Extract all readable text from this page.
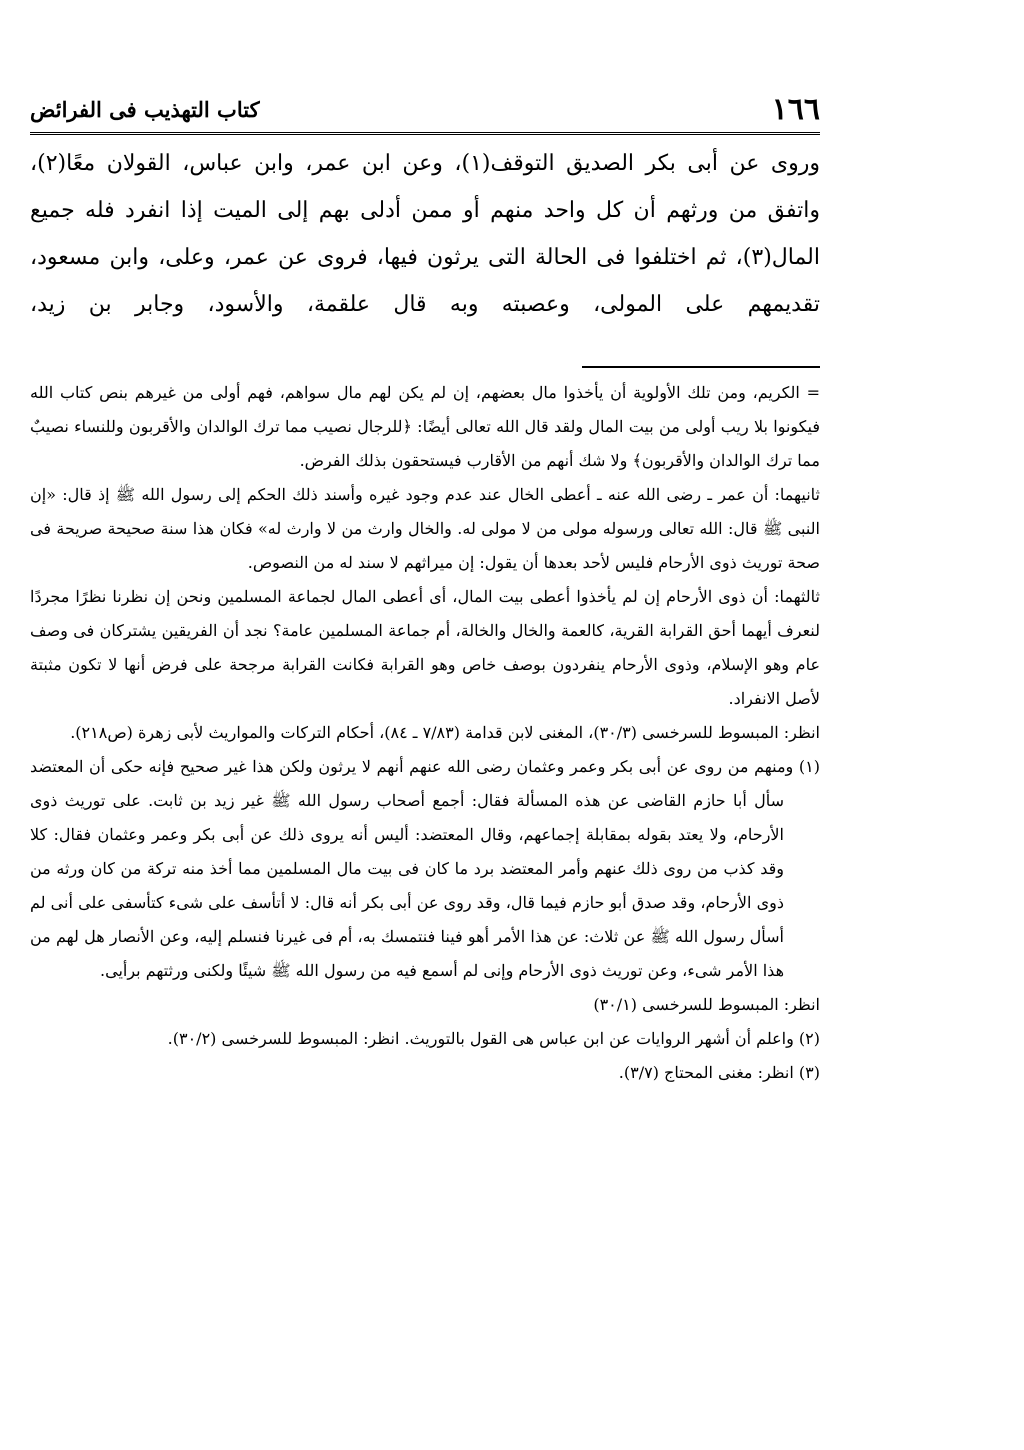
١٦٦
كتاب التهذيب فى الفرائض

وروى عن أبى بكر الصديق التوقف(١)، وعن ابن عمر، وابن عباس، القولان معًا(٢)، واتفق من ورثهم أن كل واحد منهم أو ممن أدلى بهم إلى الميت إذا انفرد فله جميع المال(٣)، ثم اختلفوا فى الحالة التى يرثون فيها، فروى عن عمر، وعلى، وابن مسعود، تقديمهم على المولى، وعصبته وبه قال علقمة، والأسود، وجابر بن زيد،

= الكريم، ومن تلك الأولوية أن يأخذوا مال بعضهم، إن لم يكن لهم مال سواهم، فهم أولى من غيرهم بنص كتاب الله فيكونوا بلا ريب أولى من بيت المال ولقد قال الله تعالى أيضًا: ﴿للرجال نصيب مما ترك الوالدان والأقربون وللنساء نصيبٌ مما ترك الوالدان والأقربون﴾ ولا شك أنهم من الأقارب فيستحقون بذلك الفرض.

ثانيهما: أن عمر ـ رضى الله عنه ـ أعطى الخال عند عدم وجود غيره وأسند ذلك الحكم إلى رسول الله ﷺ إذ قال: «إن النبى ﷺ قال: الله تعالى ورسوله مولى من لا مولى له. والخال وارث من لا وارث له» فكان هذا سنة صحيحة صريحة فى صحة توريث ذوى الأرحام فليس لأحد بعدها أن يقول: إن ميراثهم لا سند له من النصوص.

ثالثهما: أن ذوى الأرحام إن لم يأخذوا أعطى بيت المال، أى أعطى المال لجماعة المسلمين ونحن إن نظرنا نظرًا مجردًا لنعرف أيهما أحق القرابة القرية، كالعمة والخال والخالة، أم جماعة المسلمين عامة؟ نجد أن الفريقين يشتركان فى وصف عام وهو الإسلام، وذوى الأرحام ينفردون بوصف خاص وهو القرابة فكانت القرابة مرجحة على فرض أنها لا تكون مثبتة لأصل الانفراد.

انظر: المبسوط للسرخسى (٣٠/٣)، المغنى لابن قدامة (٧/٨٣ ـ ٨٤)، أحكام التركات والمواريث لأبى زهرة (ص٢١٨).

(١) ومنهم من روى عن أبى بكر وعمر وعثمان رضى الله عنهم أنهم لا يرثون ولكن هذا غير صحيح فإنه حكى أن المعتضد سأل أبا حازم القاضى عن هذه المسألة فقال: أجمع أصحاب رسول الله ﷺ غير زيد بن ثابت. على توريث ذوى الأرحام، ولا يعتد بقوله بمقابلة إجماعهم، وقال المعتضد: أليس أنه يروى ذلك عن أبى بكر وعمر وعثمان فقال: كلا وقد كذب من روى ذلك عنهم وأمر المعتضد برد ما كان فى بيت مال المسلمين مما أخذ منه تركة من كان ورثه من ذوى الأرحام، وقد صدق أبو حازم فيما قال، وقد روى عن أبى بكر أنه قال: لا أتأسف على شىء كتأسفى على أنى لم أسأل رسول الله ﷺ عن ثلاث: عن هذا الأمر أهو فينا فنتمسك به، أم فى غيرنا فنسلم إليه، وعن الأنصار هل لهم من هذا الأمر شىء، وعن توريث ذوى الأرحام وإنى لم أسمع فيه من رسول الله ﷺ شيئًا ولكنى ورثتهم برأيى.

انظر: المبسوط للسرخسى (٣٠/١)

(٢) واعلم أن أشهر الروايات عن ابن عباس هى القول بالتوريث. انظر: المبسوط للسرخسى (٣٠/٢).

(٣) انظر: مغنى المحتاج (٣/٧).
